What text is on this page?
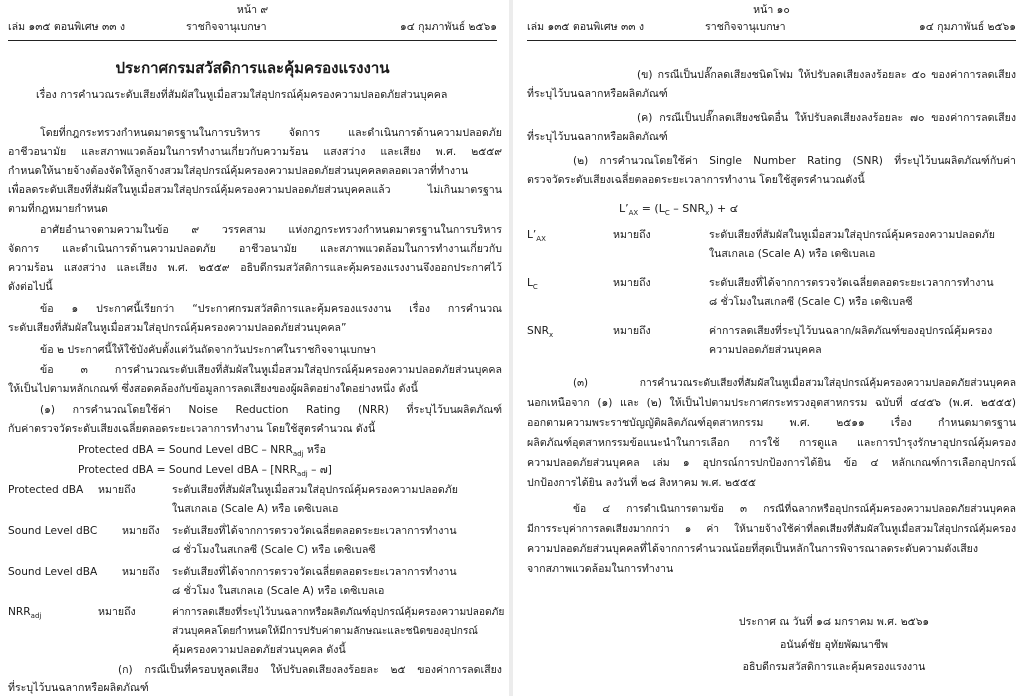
หน้า ๙
เล่ม ๑๓๕ ตอนพิเศษ ๓๓ ง	ราชกิจจานุเบกษา	๑๔ กุมภาพันธ์ ๒๕๖๑
ประกาศกรมสวัสดิการและคุ้มครองแรงงาน
เรื่อง การคำนวณระดับเสียงที่สัมผัสในหูเมื่อสวมใส่อุปกรณ์คุ้มครองความปลอดภัยส่วนบุคคล
โดยที่กฎกระทรวงกำหนดมาตรฐานในการบริหาร จัดการ และดำเนินการด้านความปลอดภัย
อาชีวอนามัย และสภาพแวดล้อมในการทำงานเกี่ยวกับความร้อน แสงสว่าง และเสียง พ.ศ. ๒๕๕๙
กำหนดให้นายจ้างต้องจัดให้ลูกจ้างสวมใส่อุปกรณ์คุ้มครองความปลอดภัยส่วนบุคคลตลอดเวลาที่ทำงาน
เพื่อลดระดับเสียงที่สัมผัสในหูเมื่อสวมใส่อุปกรณ์คุ้มครองความปลอดภัยส่วนบุคคลแล้ว ไม่เกินมาตรฐาน
ตามที่กฎหมายกำหนด
อาศัยอำนาจตามความในข้อ ๙ วรรคสาม แห่งกฎกระทรวงกำหนดมาตรฐานในการบริหาร
จัดการ และดำเนินการด้านความปลอดภัย อาชีวอนามัย และสภาพแวดล้อมในการทำงานเกี่ยวกับ
ความร้อน แสงสว่าง และเสียง พ.ศ. ๒๕๕๙ อธิบดีกรมสวัสดิการและคุ้มครองแรงงานจึงออกประกาศไว้
ดังต่อไปนี้
ข้อ ๑ ประกาศนี้เรียกว่า “ประกาศกรมสวัสดิการและคุ้มครองแรงงาน เรื่อง การคำนวณ
ระดับเสียงที่สัมผัสในหูเมื่อสวมใส่อุปกรณ์คุ้มครองความปลอดภัยส่วนบุคคล”
ข้อ ๒ ประกาศนี้ให้ใช้บังคับตั้งแต่วันถัดจากวันประกาศในราชกิจจานุเบกษา
ข้อ ๓ การคำนวณระดับเสียงที่สัมผัสในหูเมื่อสวมใส่อุปกรณ์คุ้มครองความปลอดภัยส่วนบุคคล
ให้เป็นไปตามหลักเกณฑ์ ซึ่งสอดคล้องกับข้อมูลการลดเสียงของผู้ผลิตอย่างใดอย่างหนึ่ง ดังนี้
(๑) การคำนวณโดยใช้ค่า Noise Reduction Rating (NRR) ที่ระบุไว้บนผลิตภัณฑ์
กับค่าตรวจวัดระดับเสียงเฉลี่ยตลอดระยะเวลาการทำงาน โดยใช้สูตรคำนวณ ดังนี้
Protected dBA = Sound Level dBC – $NRR_{adj}$ หรือ
Protected dBA = Sound Level dBA – [$NRR_{adj}$ – ๗]
Protected dBA หมายถึง	ระดับเสียงที่สัมผัสในหูเมื่อสวมใส่อุปกรณ์คุ้มครองความปลอดภัย
ในสเกลเอ (Scale A) หรือ เดซิเบลเอ
Sound Level dBC หมายถึง ระดับเสียงที่ได้จากการตรวจวัดเฉลี่ยตลอดระยะเวลาการทำงาน
๘ ชั่วโมงในสเกลซี (Scale C) หรือ เดซิเบลซี
Sound Level dBA หมายถึง ระดับเสียงที่ได้จากการตรวจวัดเฉลี่ยตลอดระยะเวลาการทำงาน
๘ ชั่วโมง ในสเกลเอ (Scale A) หรือ เดซิเบลเอ
$NRR_{adj}$	หมายถึง	ค่าการลดเสียงที่ระบุไว้บนฉลากหรือผลิตภัณฑ์อุปกรณ์คุ้มครองความปลอดภัย
ส่วนบุคคลโดยกำหนดให้มีการปรับค่าตามลักษณะและชนิดของอุปกรณ์
คุ้มครองความปลอดภัยส่วนบุคคล ดังนี้
(ก) กรณีเป็นที่ครอบหูลดเสียง ให้ปรับลดเสียงลงร้อยละ ๒๕ ของค่าการลดเสียง
ที่ระบุไว้บนฉลากหรือผลิตภัณฑ์
หน้า ๑๐
เล่ม ๑๓๕ ตอนพิเศษ ๓๓ ง	ราชกิจจานุเบกษา	๑๔ กุมภาพันธ์ ๒๕๖๑
(ข) กรณีเป็นปลั๊กลดเสียงชนิดโฟม ให้ปรับลดเสียงลงร้อยละ ๕๐ ของค่าการลดเสียง
ที่ระบุไว้บนฉลากหรือผลิตภัณฑ์
(ค) กรณีเป็นปลั๊กลดเสียงชนิดอื่น ให้ปรับลดเสียงลงร้อยละ ๗๐ ของค่าการลดเสียง
ที่ระบุไว้บนฉลากหรือผลิตภัณฑ์
(๒) การคำนวณโดยใช้ค่า Single Number Rating (SNR) ที่ระบุไว้บนผลิตภัณฑ์กับค่า
ตรวจวัดระดับเสียงเฉลี่ยตลอดระยะเวลาการทำงาน โดยใช้สูตรคำนวณดังนี้
$L’_{AX} = (L_C - SNR_x)$ + ๔
$L’_{AX}$	หมายถึง	ระดับเสียงที่สัมผัสในหูเมื่อสวมใส่อุปกรณ์คุ้มครองความปลอดภัย
ในสเกลเอ (Scale A) หรือ เดซิเบลเอ
$L_C$	หมายถึง	ระดับเสียงที่ได้จากการตรวจวัดเฉลี่ยตลอดระยะเวลาการทำงาน
๘ ชั่วโมงในสเกลซี (Scale C) หรือ เดซิเบลซี
$SNR_x$	หมายถึง	ค่าการลดเสียงที่ระบุไว้บนฉลาก/ผลิตภัณฑ์ของอุปกรณ์คุ้มครอง
ความปลอดภัยส่วนบุคคล
(๓) การคำนวณระดับเสียงที่สัมผัสในหูเมื่อสวมใส่อุปกรณ์คุ้มครองความปลอดภัยส่วนบุคคล
นอกเหนือจาก (๑) และ (๒) ให้เป็นไปตามประกาศกระทรวงอุตสาหกรรม ฉบับที่ ๔๔๕๖ (พ.ศ. ๒๕๕๕)
ออกตามความพระราชบัญญัติผลิตภัณฑ์อุตสาหกรรม พ.ศ. ๒๕๑๑ เรื่อง กำหนดมาตรฐาน
ผลิตภัณฑ์อุตสาหกรรมข้อแนะนำในการเลือก การใช้ การดูแล และการบำรุงรักษาอุปกรณ์คุ้มครอง
ความปลอดภัยส่วนบุคคล เล่ม ๑ อุปกรณ์การปกป้องการได้ยิน ข้อ ๔ หลักเกณฑ์การเลือกอุปกรณ์
ปกป้องการได้ยิน ลงวันที่ ๒๘ สิงหาคม พ.ศ. ๒๕๕๕
ข้อ ๔ การดำเนินการตามข้อ ๓ กรณีที่ฉลากหรืออุปกรณ์คุ้มครองความปลอดภัยส่วนบุคคล
มีการระบุค่าการลดเสียงมากกว่า ๑ ค่า ให้นายจ้างใช้ค่าที่ลดเสียงที่สัมผัสในหูเมื่อสวมใส่อุปกรณ์คุ้มครอง
ความปลอดภัยส่วนบุคคลที่ได้จากการคำนวณน้อยที่สุดเป็นหลักในการพิจารณาลดระดับความดังเสียง
จากสภาพแวดล้อมในการทำงาน
ประกาศ ณ วันที่ ๑๘ มกราคม พ.ศ. ๒๕๖๑
อนันต์ชัย อุทัยพัฒนาชีพ
อธิบดีกรมสวัสดิการและคุ้มครองแรงงาน
